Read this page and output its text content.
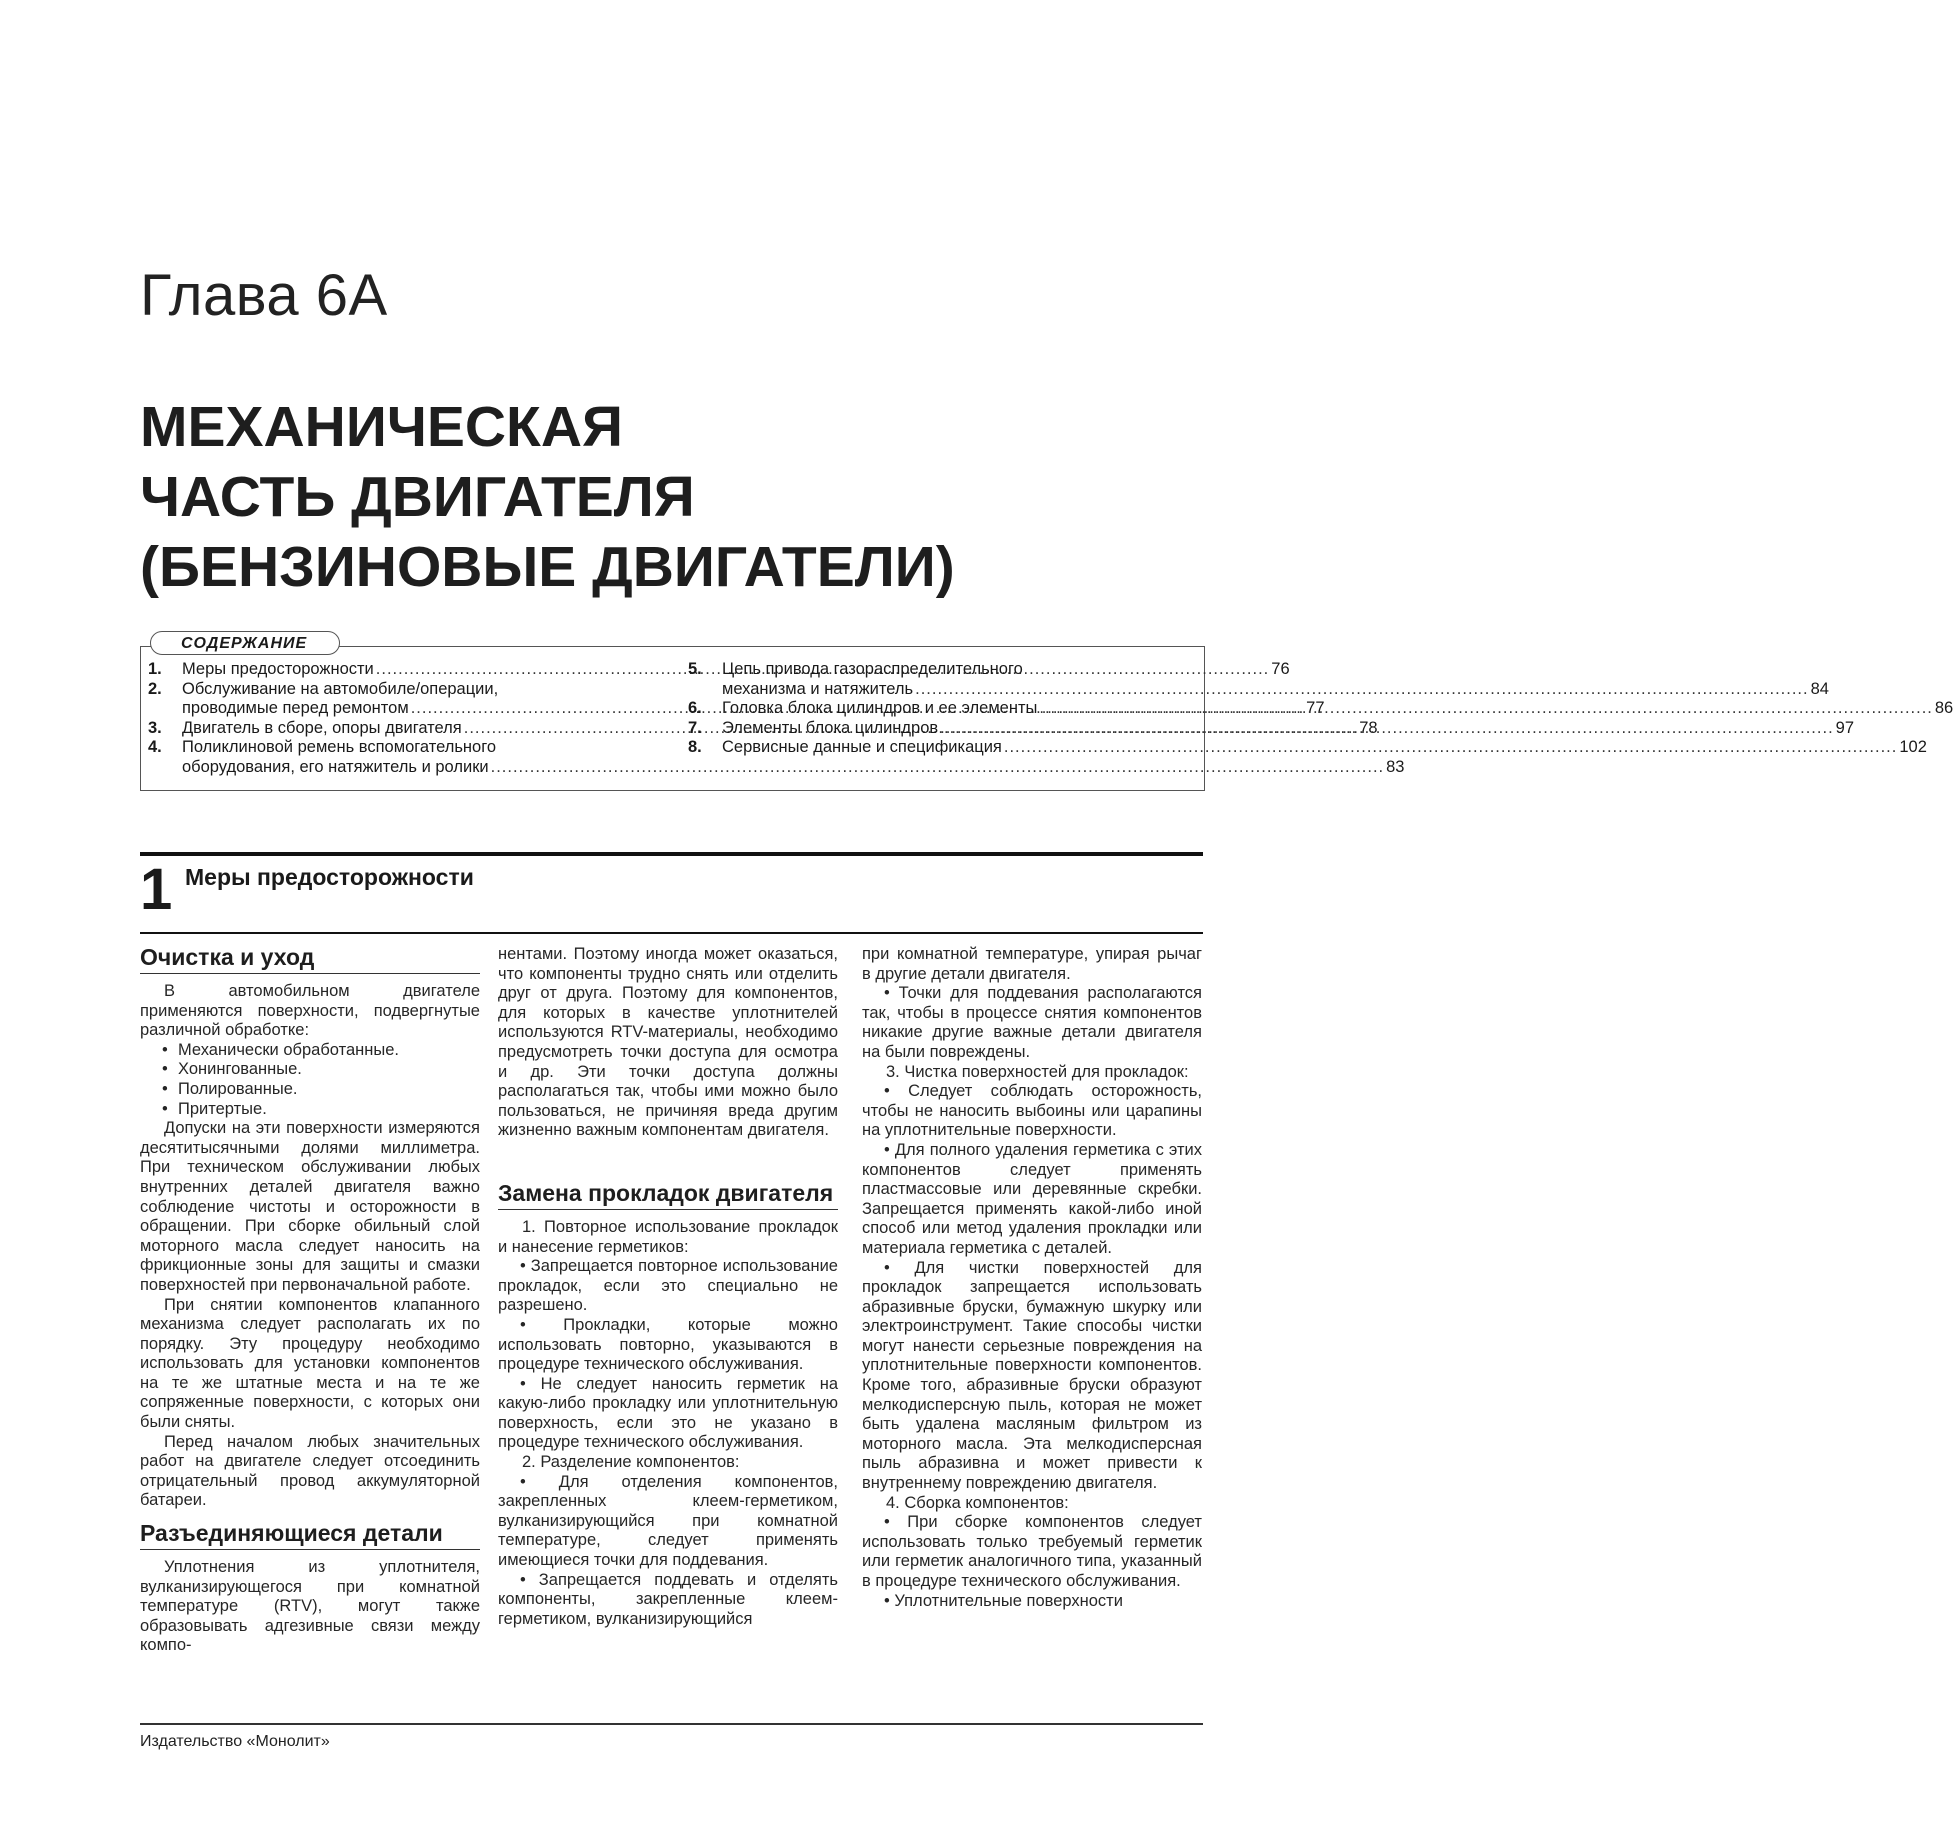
Глава 6А
МЕХАНИЧЕСКАЯ
ЧАСТЬ ДВИГАТЕЛЯ
(БЕНЗИНОВЫЕ ДВИГАТЕЛИ)
СОДЕРЖАНИЕ
1.	Меры предосторожности .....	76
2.	Обслуживание на автомобиле/операции,
проводимые перед ремонтом .....	77
3.	Двигатель в сборе, опоры двигателя .....	78
4.	Поликлиновой ремень вспомогательного
оборудования, его натяжитель и ролики .....	83
5.	Цепь привода газораспределительного
механизма и натяжитель .....	84
6.	Головка блока цилиндров и ее элементы .....	86
7.	Элементы блока цилиндров .....	97
8.	Сервисные данные и спецификация .....	102
1 Меры предосторожности
Очистка и уход

В автомобильном двигателе применяются поверхности, подвергнутые различной обработке:

• Механически обработанные.
• Хонингованные.
• Полированные.
• Притертые.

Допуски на эти поверхности измеряются десятитысячными долями миллиметра. При техническом обслуживании любых внутренних деталей двигателя важно соблюдение чистоты и осторожности в обращении. При сборке обильный слой моторного масла следует наносить на фрикционные зоны для защиты и смазки поверхностей при первоначальной работе.

При снятии компонентов клапанного механизма следует располагать их по порядку. Эту процедуру необходимо использовать для установки компонентов на те же штатные места и на те же сопряженные поверхности, с которых они были сняты.

Перед началом любых значительных работ на двигателе следует отсоединить отрицательный провод аккумуляторной батареи.

Разъединяющиеся детали

Уплотнения из уплотнителя, вулканизирующегося при комнатной температуре (RTV), могут также образовывать адгезивные связи между компо-

нентами. Поэтому иногда может оказаться, что компоненты трудно снять или отделить друг от друга. Поэтому для компонентов, для которых в качестве уплотнителей используются RTV-материалы, необходимо предусмотреть точки доступа для осмотра и др. Эти точки доступа должны располагаться так, чтобы ими можно было пользоваться, не причиняя вреда другим жизненно важным компонентам двигателя.

Замена прокладок двигателя

1. Повторное использование прокладок и нанесение герметиков:

• Запрещается повторное использование прокладок, если это специально не разрешено.

• Прокладки, которые можно использовать повторно, указываются в процедуре технического обслуживания.

• Не следует наносить герметик на какую-либо прокладку или уплотнительную поверхность, если это не указано в процедуре технического обслуживания.

2. Разделение компонентов:

• Для отделения компонентов, закрепленных клеем-герметиком, вулканизирующийся при комнатной температуре, следует применять имеющиеся точки для поддевания.

• Запрещается поддевать и отделять компоненты, закрепленные клеем-герметиком, вулканизирующийся

при комнатной температуре, упирая рычаг в другие детали двигателя.

• Точки для поддевания располагаются так, чтобы в процессе снятия компонентов никакие другие важные детали двигателя на были повреждены.

3. Чистка поверхностей для прокладок:

• Следует соблюдать осторожность, чтобы не наносить выбоины или царапины на уплотнительные поверхности.

• Для полного удаления герметика с этих компонентов следует применять пластмассовые или деревянные скребки. Запрещается применять какой-либо иной способ или метод удаления прокладки или материала герметика с деталей.

• Для чистки поверхностей для прокладок запрещается использовать абразивные бруски, бумажную шкурку или электроинструмент. Такие способы чистки могут нанести серьезные повреждения на уплотнительные поверхности компонентов. Кроме того, абразивные бруски образуют мелкодисперсную пыль, которая не может быть удалена масляным фильтром из моторного масла. Эта мелкодисперсная пыль абразивна и может привести к внутреннему повреждению двигателя.

4. Сборка компонентов:

• При сборке компонентов следует использовать только требуемый герметик или герметик аналогичного типа, указанный в процедуре технического обслуживания.

• Уплотнительные поверхности

Издательство «Монолит»
